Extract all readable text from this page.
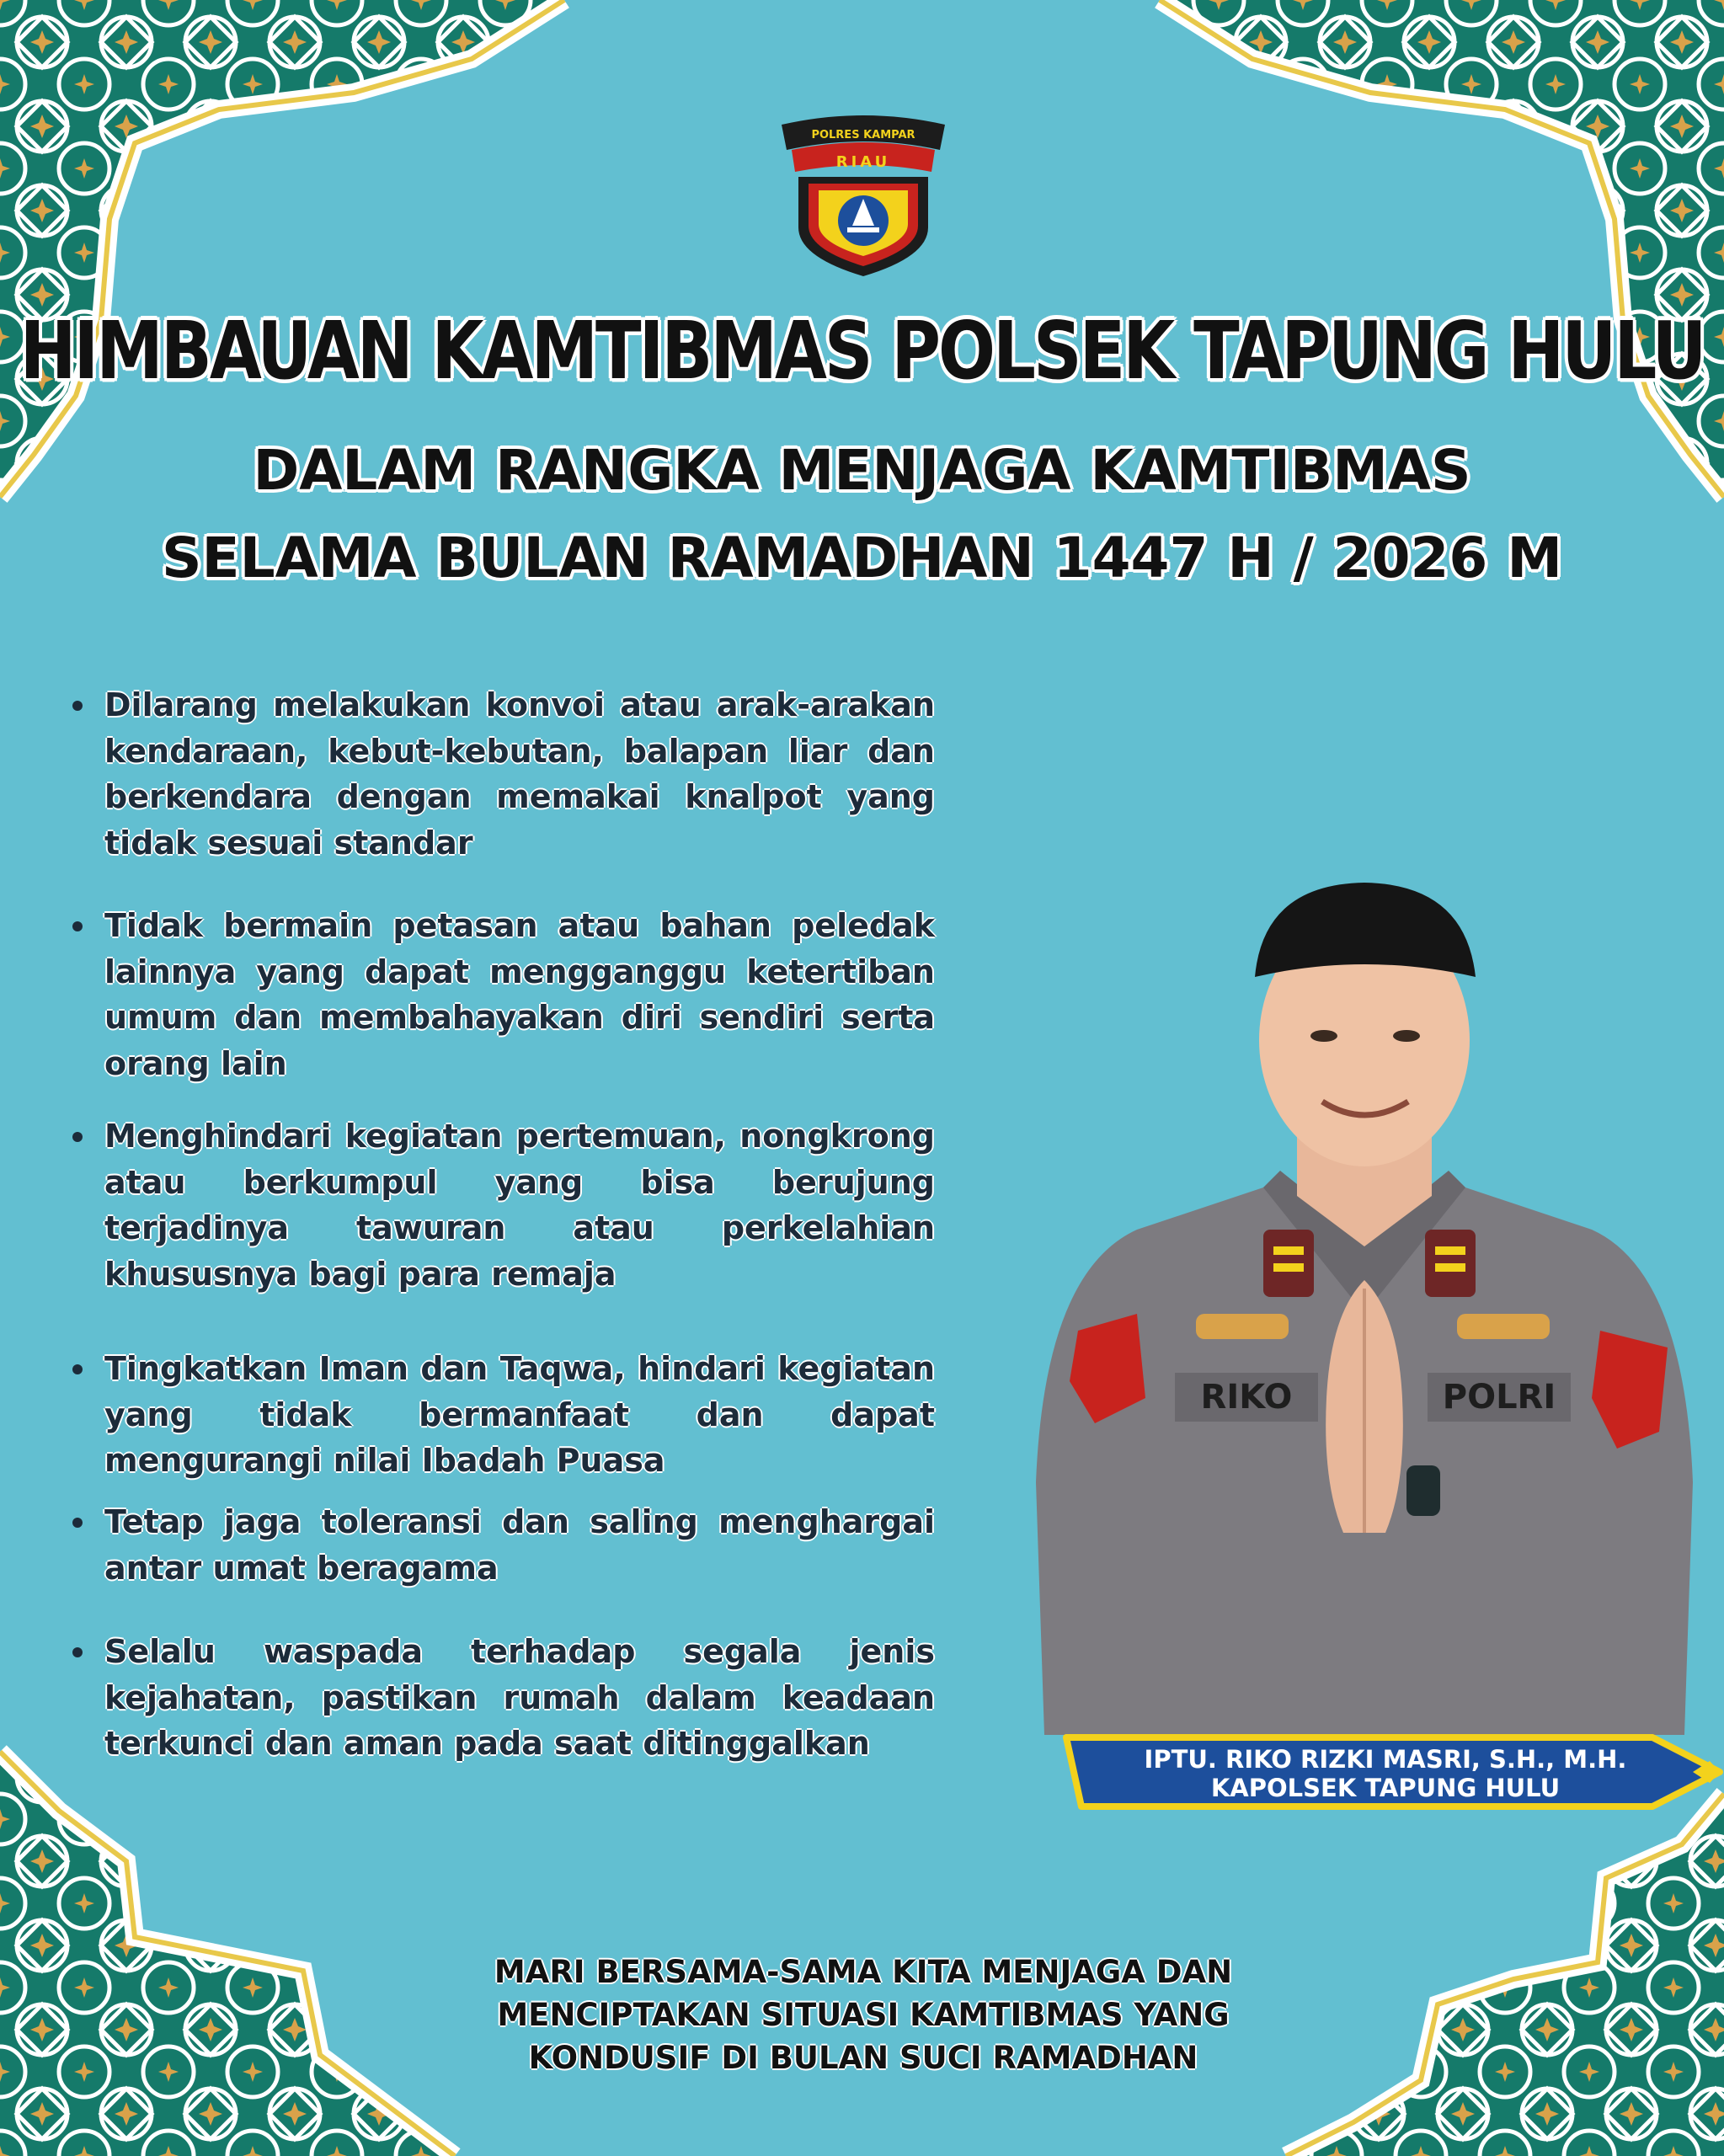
POLRES KAMPAR
RIAU
HIMBAUAN KAMTIBMAS POLSEK TAPUNG HULU
DALAM RANGKA MENJAGA KAMTIBMAS
SELAMA BULAN RAMADHAN 1447 H / 2026 M
Dilarang melakukan konvoi atau arak-arakan kendaraan, kebut-kebutan, balapan liar dan berkendara dengan memakai knalpot yang tidak sesuai standar
Tidak bermain petasan atau bahan peledak lainnya yang dapat mengganggu ketertiban umum dan membahayakan diri sendiri serta orang lain
Menghindari kegiatan pertemuan, nongkrong atau berkumpul yang bisa berujung terjadinya tawuran atau perkelahian khususnya bagi para remaja
Tingkatkan Iman dan Taqwa, hindari kegiatan yang tidak bermanfaat dan dapat mengurangi nilai Ibadah Puasa
Tetap jaga toleransi dan saling menghargai antar umat beragama
Selalu waspada terhadap segala jenis kejahatan, pastikan rumah dalam keadaan terkunci dan aman pada saat ditinggalkan
RIKO	POLRI
IPTU. RIKO RIZKI MASRI, S.H., M.H.
KAPOLSEK TAPUNG HULU
MARI BERSAMA-SAMA KITA MENJAGA DAN
MENCIPTAKAN SITUASI KAMTIBMAS YANG
KONDUSIF DI BULAN SUCI RAMADHAN
